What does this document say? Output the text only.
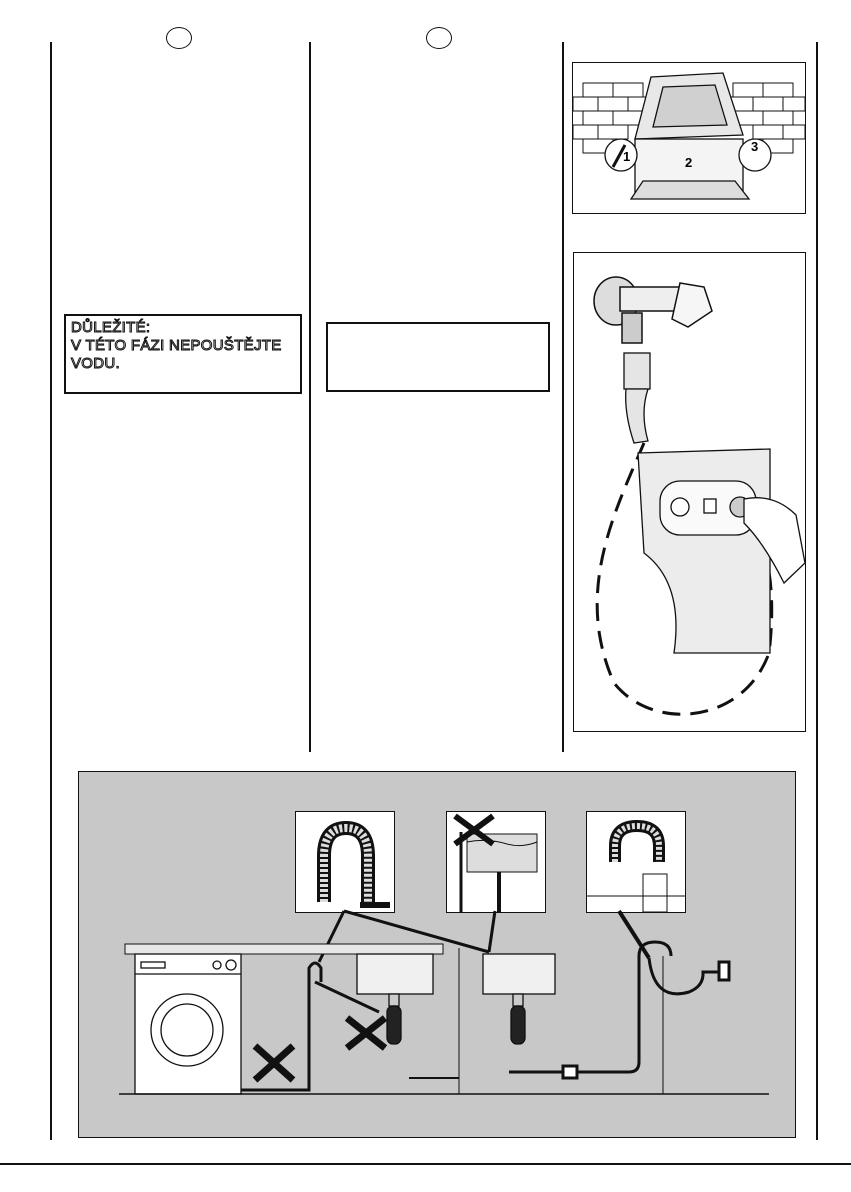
DŮLEŽITÉ:
V TÉTO FÁZI NEPOUŠTĚJTE
VODU.
1	2
3
